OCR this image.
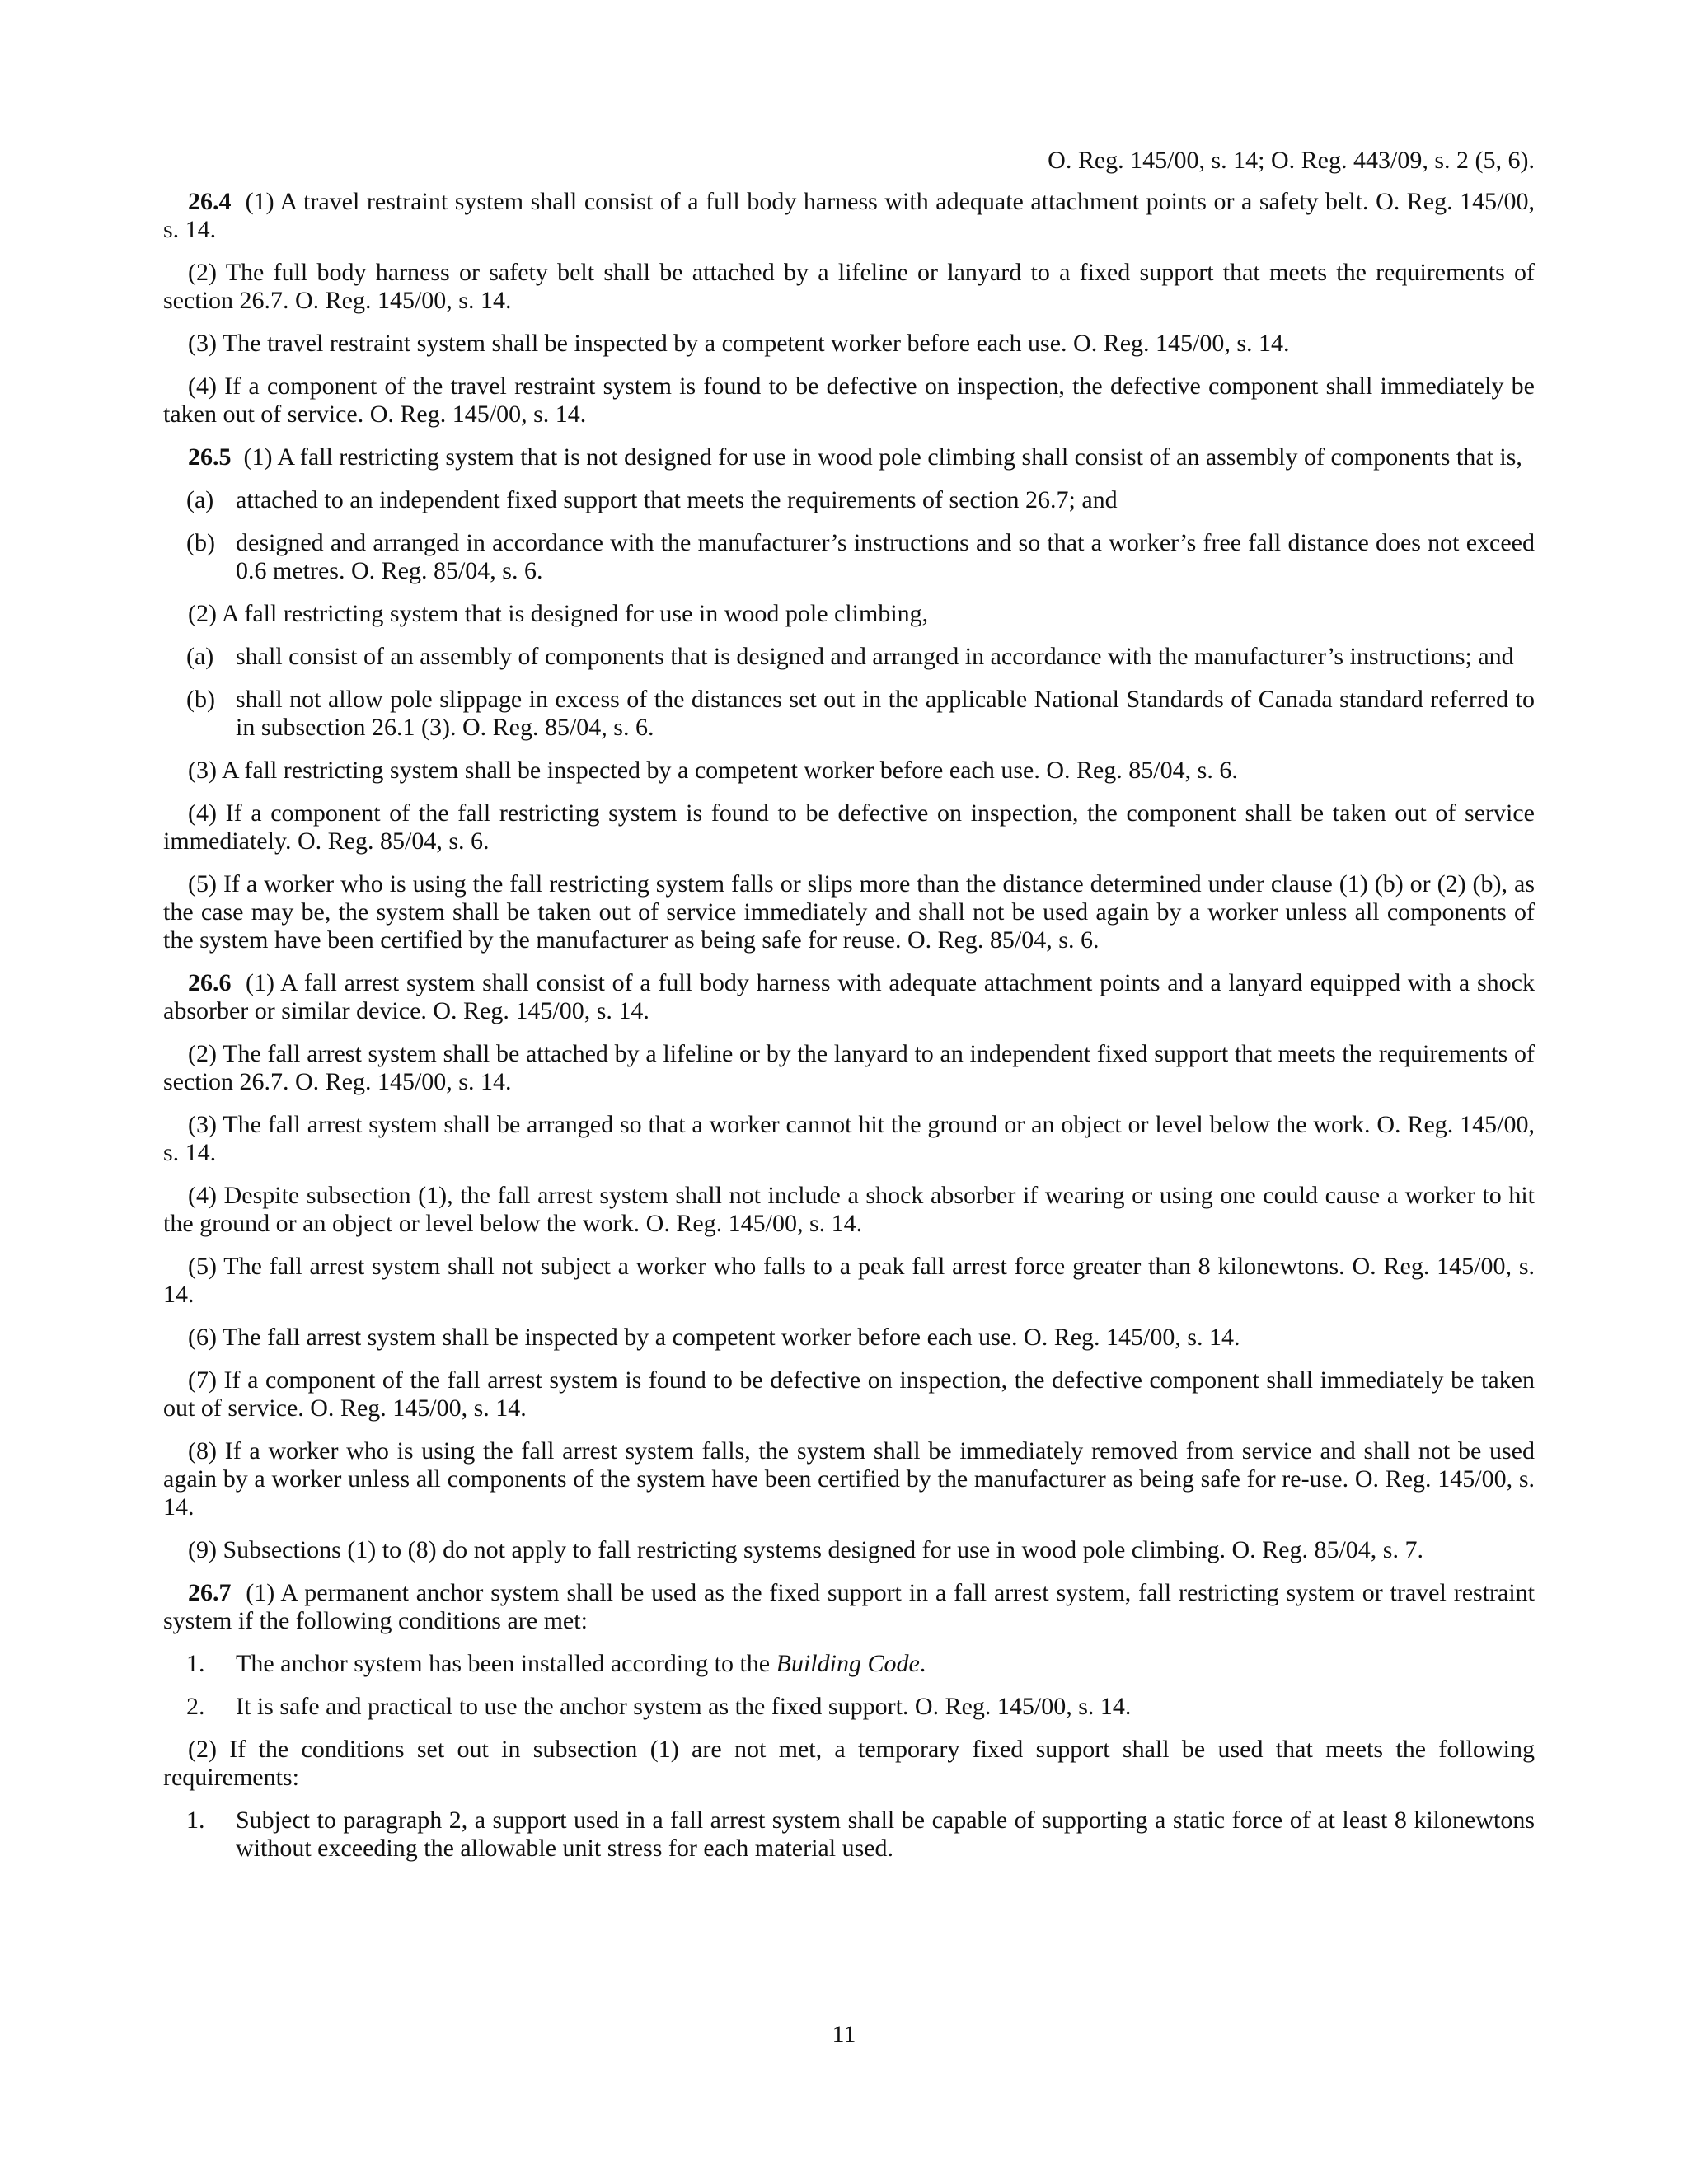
O. Reg. 145/00, s. 14; O. Reg. 443/09, s. 2 (5, 6).

26.4 (1) A travel restraint system shall consist of a full body harness with adequate attachment points or a safety belt. O. Reg. 145/00, s. 14.

(2) The full body harness or safety belt shall be attached by a lifeline or lanyard to a fixed support that meets the requirements of section 26.7. O. Reg. 145/00, s. 14.

(3) The travel restraint system shall be inspected by a competent worker before each use. O. Reg. 145/00, s. 14.

(4) If a component of the travel restraint system is found to be defective on inspection, the defective component shall immediately be taken out of service. O. Reg. 145/00, s. 14.

26.5 (1) A fall restricting system that is not designed for use in wood pole climbing shall consist of an assembly of components that is,

(a) attached to an independent fixed support that meets the requirements of section 26.7; and

(b) designed and arranged in accordance with the manufacturer’s instructions and so that a worker’s free fall distance does not exceed 0.6 metres. O. Reg. 85/04, s. 6.

(2) A fall restricting system that is designed for use in wood pole climbing,

(a) shall consist of an assembly of components that is designed and arranged in accordance with the manufacturer’s instructions; and

(b) shall not allow pole slippage in excess of the distances set out in the applicable National Standards of Canada standard referred to in subsection 26.1 (3). O. Reg. 85/04, s. 6.

(3) A fall restricting system shall be inspected by a competent worker before each use. O. Reg. 85/04, s. 6.

(4) If a component of the fall restricting system is found to be defective on inspection, the component shall be taken out of service immediately. O. Reg. 85/04, s. 6.

(5) If a worker who is using the fall restricting system falls or slips more than the distance determined under clause (1) (b) or (2) (b), as the case may be, the system shall be taken out of service immediately and shall not be used again by a worker unless all components of the system have been certified by the manufacturer as being safe for reuse. O. Reg. 85/04, s. 6.

26.6 (1) A fall arrest system shall consist of a full body harness with adequate attachment points and a lanyard equipped with a shock absorber or similar device. O. Reg. 145/00, s. 14.

(2) The fall arrest system shall be attached by a lifeline or by the lanyard to an independent fixed support that meets the requirements of section 26.7. O. Reg. 145/00, s. 14.

(3) The fall arrest system shall be arranged so that a worker cannot hit the ground or an object or level below the work. O. Reg. 145/00, s. 14.

(4) Despite subsection (1), the fall arrest system shall not include a shock absorber if wearing or using one could cause a worker to hit the ground or an object or level below the work. O. Reg. 145/00, s. 14.

(5) The fall arrest system shall not subject a worker who falls to a peak fall arrest force greater than 8 kilonewtons. O. Reg. 145/00, s. 14.

(6) The fall arrest system shall be inspected by a competent worker before each use. O. Reg. 145/00, s. 14.

(7) If a component of the fall arrest system is found to be defective on inspection, the defective component shall immediately be taken out of service. O. Reg. 145/00, s. 14.

(8) If a worker who is using the fall arrest system falls, the system shall be immediately removed from service and shall not be used again by a worker unless all components of the system have been certified by the manufacturer as being safe for re-use. O. Reg. 145/00, s. 14.

(9) Subsections (1) to (8) do not apply to fall restricting systems designed for use in wood pole climbing. O. Reg. 85/04, s. 7.

26.7 (1) A permanent anchor system shall be used as the fixed support in a fall arrest system, fall restricting system or travel restraint system if the following conditions are met:

1. The anchor system has been installed according to the Building Code.

2. It is safe and practical to use the anchor system as the fixed support. O. Reg. 145/00, s. 14.

(2) If the conditions set out in subsection (1) are not met, a temporary fixed support shall be used that meets the following requirements:

1. Subject to paragraph 2, a support used in a fall arrest system shall be capable of supporting a static force of at least 8 kilonewtons without exceeding the allowable unit stress for each material used.

11
